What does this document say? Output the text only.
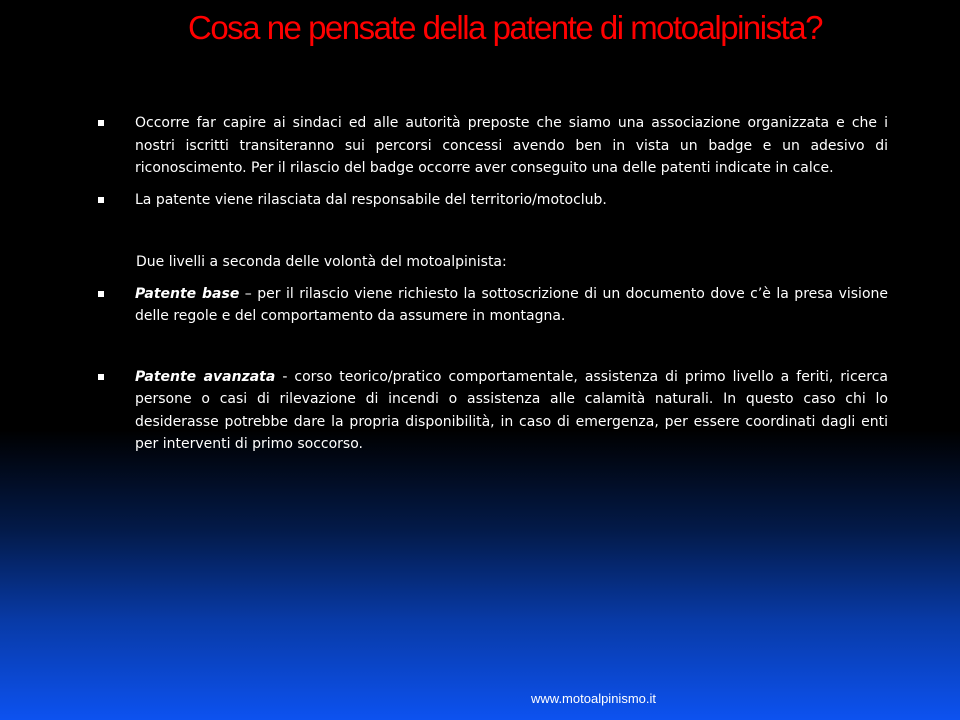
Cosa ne pensate della patente di motoalpinista?
Occorre far capire ai sindaci ed alle autorità preposte che siamo una associazione organizzata e che i nostri iscritti transiteranno sui percorsi concessi avendo ben in vista un badge e un adesivo di riconoscimento. Per il rilascio del badge occorre aver conseguito una delle patenti indicate in calce.
La patente viene rilasciata dal responsabile del territorio/motoclub.
Due livelli a seconda delle volontà del motoalpinista:
Patente base – per il rilascio viene richiesto la sottoscrizione di un documento dove c’è la presa visione delle regole e del comportamento da assumere in montagna.
Patente avanzata - corso teorico/pratico comportamentale, assistenza di primo livello a feriti, ricerca persone o casi di rilevazione di incendi o assistenza alle calamità naturali. In questo caso chi lo desiderasse potrebbe dare la propria disponibilità, in caso di emergenza, per essere coordinati dagli enti per interventi di primo soccorso.
www.motoalpinismo.it
